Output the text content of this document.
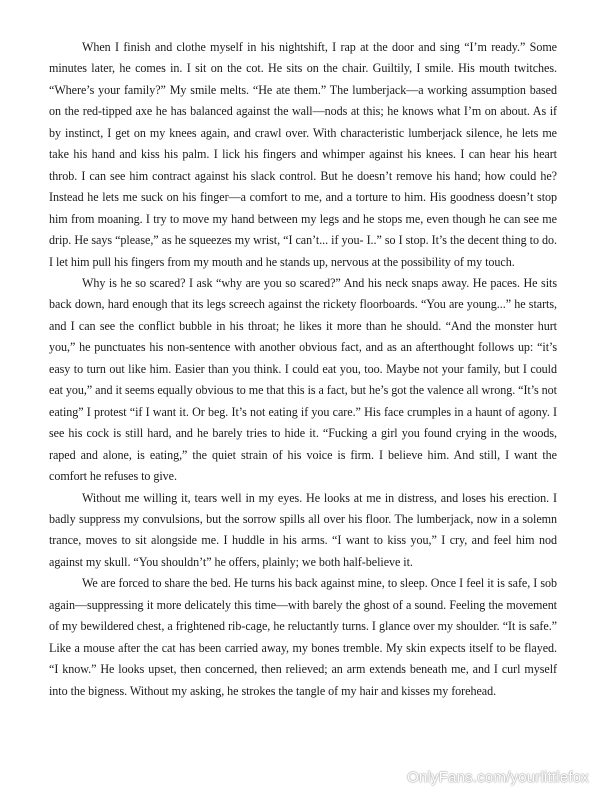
When I finish and clothe myself in his nightshift, I rap at the door and sing “I’m ready.” Some minutes later, he comes in. I sit on the cot. He sits on the chair. Guiltily, I smile. His mouth twitches. “Where’s your family?” My smile melts. “He ate them.” The lumberjack—a working assumption based on the red-tipped axe he has balanced against the wall—nods at this; he knows what I’m on about. As if by instinct, I get on my knees again, and crawl over. With characteristic lumberjack silence, he lets me take his hand and kiss his palm. I lick his fingers and whimper against his knees. I can hear his heart throb. I can see him contract against his slack control. But he doesn’t remove his hand; how could he? Instead he lets me suck on his finger—a comfort to me, and a torture to him. His goodness doesn’t stop him from moaning. I try to move my hand between my legs and he stops me, even though he can see me drip. He says “please,” as he squeezes my wrist, “I can’t... if you- I..” so I stop. It’s the decent thing to do. I let him pull his fingers from my mouth and he stands up, nervous at the possibility of my touch.

Why is he so scared? I ask “why are you so scared?” And his neck snaps away. He paces. He sits back down, hard enough that its legs screech against the rickety floorboards. “You are young...” he starts, and I can see the conflict bubble in his throat; he likes it more than he should. “And the monster hurt you,” he punctuates his non-sentence with another obvious fact, and as an afterthought follows up: “it’s easy to turn out like him. Easier than you think. I could eat you, too. Maybe not your family, but I could eat you,” and it seems equally obvious to me that this is a fact, but he’s got the valence all wrong. “It’s not eating” I protest “if I want it. Or beg. It’s not eating if you care.” His face crumples in a haunt of agony. I see his cock is still hard, and he barely tries to hide it. “Fucking a girl you found crying in the woods, raped and alone, is eating,” the quiet strain of his voice is firm. I believe him. And still, I want the comfort he refuses to give.

Without me willing it, tears well in my eyes. He looks at me in distress, and loses his erection. I badly suppress my convulsions, but the sorrow spills all over his floor. The lumberjack, now in a solemn trance, moves to sit alongside me. I huddle in his arms. “I want to kiss you,” I cry, and feel him nod against my skull. “You shouldn’t” he offers, plainly; we both half-believe it.

We are forced to share the bed. He turns his back against mine, to sleep. Once I feel it is safe, I sob again—suppressing it more delicately this time—with barely the ghost of a sound. Feeling the movement of my bewildered chest, a frightened rib-cage, he reluctantly turns. I glance over my shoulder. “It is safe.” Like a mouse after the cat has been carried away, my bones tremble. My skin expects itself to be flayed. “I know.” He looks upset, then concerned, then relieved; an arm extends beneath me, and I curl myself into the bigness. Without my asking, he strokes the tangle of my hair and kisses my forehead.

OnlyFans.com/yourlittlefox
